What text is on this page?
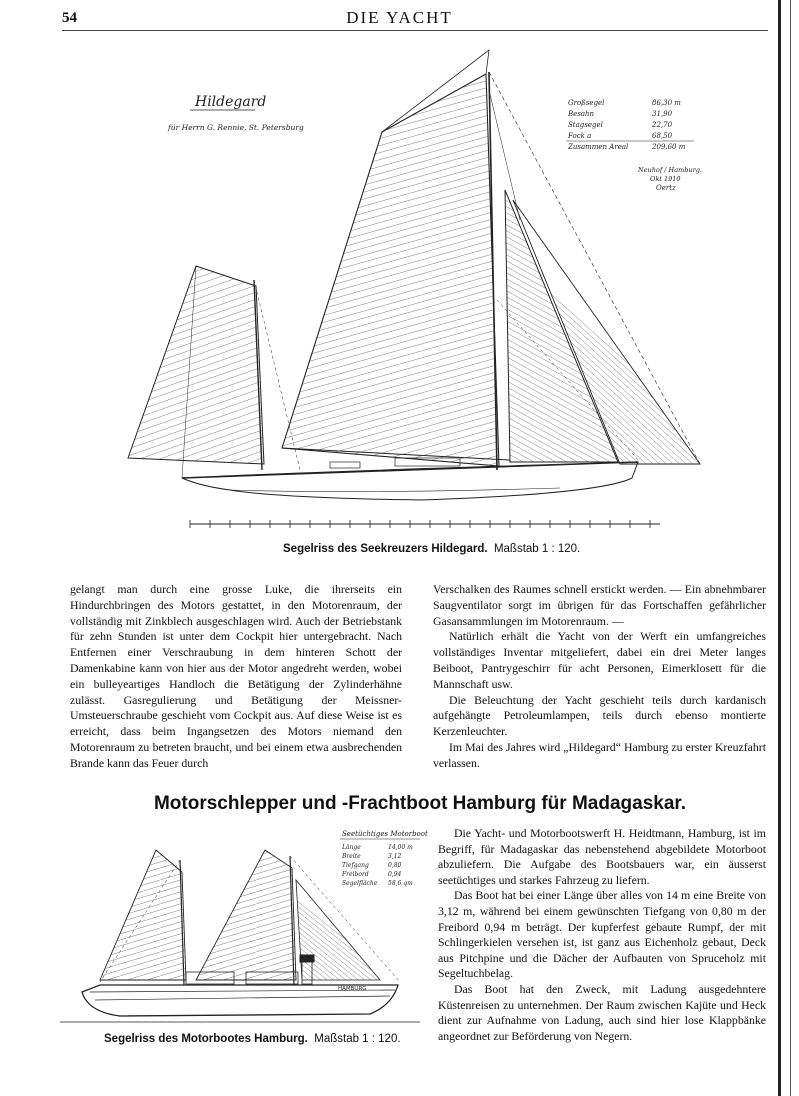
54	DIE YACHT
Hildegard
für Herrn G. Rennie, St. Petersburg
Großsegel	86,30 m
Besahn	31,90
Stagsegel	22,70
Fock a	68,50
Zusammen Areal	209,60 m
Neuhof / Hamburg.
Okt 1910
Oertz
Segelriss des Seekreuzers Hildegard. Maßstab 1 : 120.

gelangt man durch eine grosse Luke, die ihrerseits ein Hindurchbringen des Motors gestattet, in den Motorenraum, der vollständig mit Zinkblech ausgeschlagen wird. Auch der Betriebstank für zehn Stunden ist unter dem Cockpit hier untergebracht. Nach Entfernen einer Verschraubung in dem hinteren Schott der Damenkabine kann von hier aus der Motor angedreht werden, wobei ein bulleyeartiges Handloch die Betätigung der Zylinderhähne zulässt. Gasregulierung und Betätigung der Meissner-Umsteuerschraube geschieht vom Cockpit aus. Auf diese Weise ist es erreicht, dass beim Ingangsetzen des Motors niemand den Motorenraum zu betreten braucht, und bei einem etwa ausbrechenden Brande kann das Feuer durch

Verschalken des Raumes schnell erstickt werden. — Ein abnehmbarer Saugventilator sorgt im übrigen für das Fortschaffen gefährlicher Gasansammlungen im Motorenraum. —

Natürlich erhält die Yacht von der Werft ein umfangreiches vollständiges Inventar mitgeliefert, dabei ein drei Meter langes Beiboot, Pantrygeschirr für acht Personen, Eimerklosett für die Mannschaft usw.

Die Beleuchtung der Yacht geschieht teils durch kardanisch aufgehängte Petroleumlampen, teils durch ebenso montierte Kerzenleuchter.

Im Mai des Jahres wird „Hildegard“ Hamburg zu erster Kreuzfahrt verlassen.

Motorschlepper und -Frachtboot Hamburg für Madagaskar.
HAMBURG
Seetüchtiges Motorboot
Länge	14,00 m
Breite	3,12
Tiefgang	0,80
Freibord	0,94
Segelfläche 58,6 qm
Segelriss des Motorbootes Hamburg. Maßstab 1 : 120.

Die Yacht- und Motorbootswerft H. Heidtmann, Hamburg, ist im Begriff, für Madagaskar das nebenstehend abgebildete Motorboot abzuliefern. Die Aufgabe des Bootsbauers war, ein äusserst seetüchtiges und starkes Fahrzeug zu liefern.

Das Boot hat bei einer Länge über alles von 14 m eine Breite von 3,12 m, während bei einem gewünschten Tiefgang von 0,80 m der Freibord 0,94 m beträgt. Der kupferfest gebaute Rumpf, der mit Schlingerkielen versehen ist, ist ganz aus Eichenholz gebaut, Deck aus Pitchpine und die Dächer der Aufbauten von Spruceholz mit Segeltuchbelag.

Das Boot hat den Zweck, mit Ladung ausgedehntere Küstenreisen zu unternehmen. Der Raum zwischen Kajüte und Heck dient zur Aufnahme von Ladung, auch sind hier lose Klappbänke angeordnet zur Beförderung von Negern.
